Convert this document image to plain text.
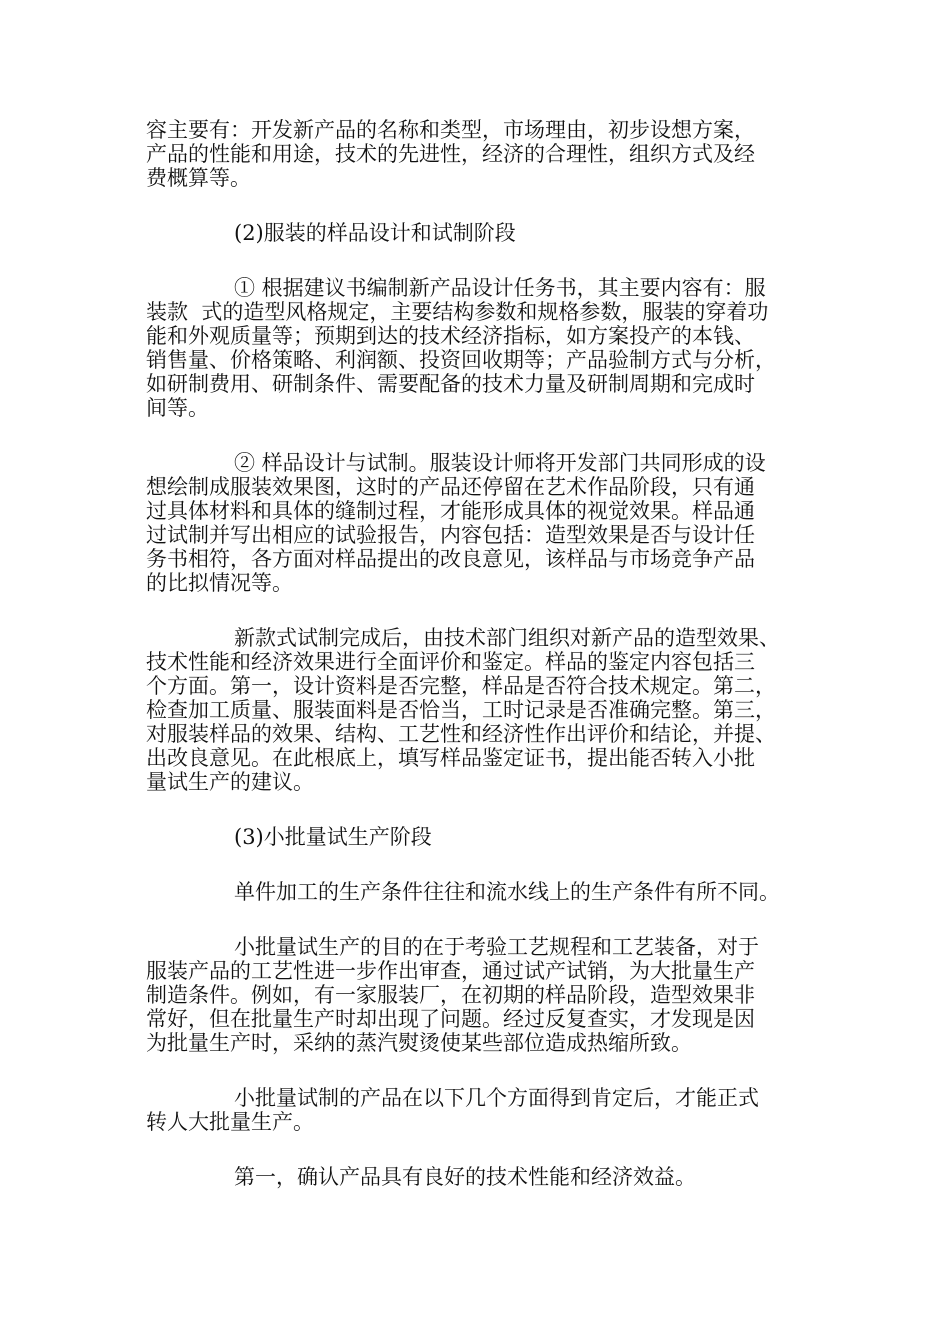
容主要有：开发新产品的名称和类型，市场理由，初步设想方案，
产品的性能和用途，技术的先进性，经济的合理性，组织方式及经
费概算等。
(2)服装的样品设计和试制阶段
① 根据建议书编制新产品设计任务书，其主要内容有：服
装款  式的造型风格规定，主要结构参数和规格参数，服装的穿着功
能和外观质量等；预期到达的技术经济指标，如方案投产的本钱、
销售量、价格策略、利润额、投资回收期等；产品验制方式与分析，
如研制费用、研制条件、需要配备的技术力量及研制周期和完成时
间等。
② 样品设计与试制。服装设计师将开发部门共同形成的设
想绘制成服装效果图，这时的产品还停留在艺术作品阶段，只有通
过具体材料和具体的缝制过程，才能形成具体的视觉效果。样品通
过试制并写出相应的试验报告，内容包括：造型效果是否与设计任
务书相符，各方面对样品提出的改良意见，该样品与市场竞争产品
的比拟情况等。
新款式试制完成后，由技术部门组织对新产品的造型效果、
技术性能和经济效果进行全面评价和鉴定。样品的鉴定内容包括三
个方面。第一，设计资料是否完整，样品是否符合技术规定。第二，
检查加工质量、服装面料是否恰当，工时记录是否准确完整。第三，
对服装样品的效果、结构、工艺性和经济性作出评价和结论，并提、
出改良意见。在此根底上，填写样品鉴定证书，提出能否转入小批
量试生产的建议。
(3)小批量试生产阶段
单件加工的生产条件往往和流水线上的生产条件有所不同。
小批量试生产的目的在于考验工艺规程和工艺装备，对于
服装产品的工艺性进一步作出审查，通过试产试销，为大批量生产
制造条件。例如，有一家服装厂，在初期的样品阶段，造型效果非
常好，但在批量生产时却出现了问题。经过反复查实，才发现是因
为批量生产时，采纳的蒸汽熨烫使某些部位造成热缩所致。
小批量试制的产品在以下几个方面得到肯定后，才能正式
转人大批量生产。
第一，确认产品具有良好的技术性能和经济效益。
